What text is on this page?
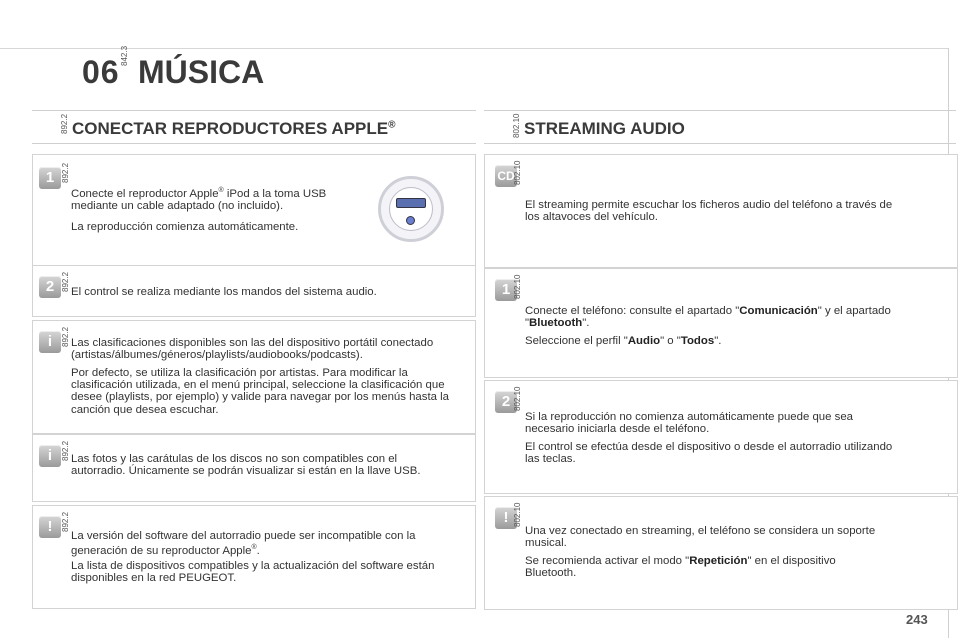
842.3
06 MÚSICA
CONECTAR REPRODUCTORES APPLE®
892.2
1 892.2

Conecte el reproductor Apple® iPod a la toma USB mediante un cable adaptado (no incluido).

La reproducción comienza automáticamente.

2 892.2 El control se realiza mediante los mandos del sistema audio.

i	892.2 Las clasificaciones disponibles son las del dispositivo portátil conectado (artistas/álbumes/géneros/playlists/audiobooks/podcasts).

Por defecto, se utiliza la clasificación por artistas. Para modificar la clasificación utilizada, en el menú principal, seleccione la clasificación que desee (playlists, por ejemplo) y valide para navegar por los menús hasta la canción que desea escuchar.

i	892.2 Las fotos y las carátulas de los discos no son compatibles con el autorradio. Únicamente se podrán visualizar si están en la llave USB.

!	892.2

La versión del software del autorradio puede ser incompatible con la generación de su reproductor Apple®.

La lista de dispositivos compatibles y la actualización del software están disponibles en la red PEUGEOT.

STREAMING AUDIO
802.10
CD
802.10

El streaming permite escuchar los ficheros audio del teléfono a través de los altavoces del vehículo.

1 802.10

Conecte el teléfono: consulte el apartado "Comunicación" y el apartado "Bluetooth".

Seleccione el perfil "Audio" o "Todos".

2 802.10

Si la reproducción no comienza automáticamente puede que sea necesario iniciarla desde el teléfono.

El control se efectúa desde el dispositivo o desde el autorradio utilizando las teclas.

! 802.10

Una vez conectado en streaming, el teléfono se considera un soporte musical.

Se recomienda activar el modo "Repetición" en el dispositivo Bluetooth.

243
